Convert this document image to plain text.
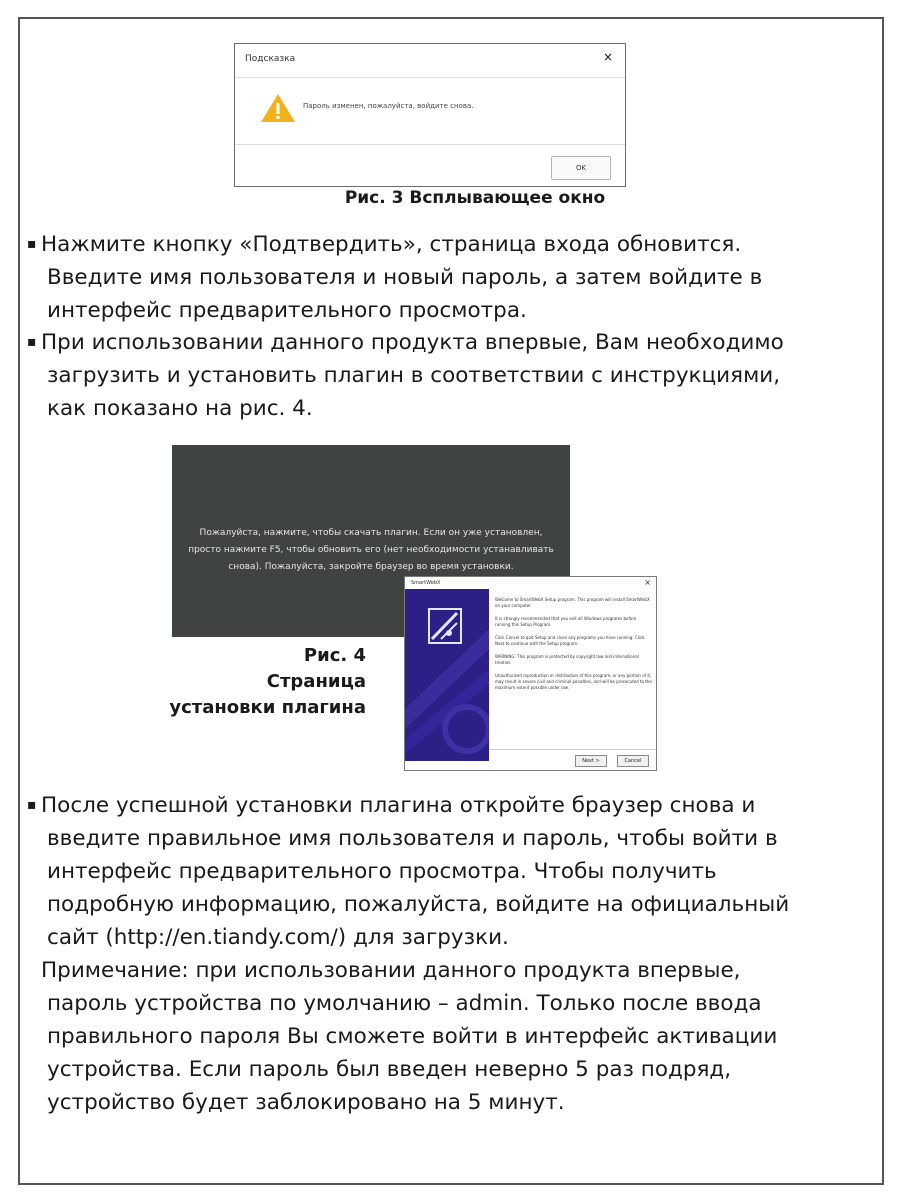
Подсказка	×
Пароль изменен, пожалуйста, войдите снова.
OK
Рис. 3 Всплывающее окно
▪ Нажмите кнопку «Подтвердить», страница входа обновится.
Введите имя пользователя и новый пароль, а затем войдите в
интерфейс предварительного просмотра.
▪ При использовании данного продукта впервые, Вам необходимо
загрузить и установить плагин в соответствии с инструкциями,
как показано на рис. 4.
Пожалуйста, нажмите, чтобы скачать плагин. Если он уже установлен,
просто нажмите F5, чтобы обновить его (нет необходимости устанавливать
снова). Пожалуйста, закройте браузер во время установки.
Рис. 4
Страница
установки плагина
SmartWebX	×

Welcome to SmartWebX Setup program. This program will install SmartWebX on your computer.

It is strongly recommended that you exit all Windows programs before running this Setup Program.

Click Cancel to quit Setup and close any programs you have running. Click Next to continue with the Setup program.

WARNING: This program is protected by copyright law and international treaties.

Unauthorized reproduction or distribution of this program, or any portion of it, may result in severe civil and criminal penalties, and will be prosecuted to the maximum extent possible under law.

Next >	Cancel
▪ После успешной установки плагина откройте браузер снова и
введите правильное имя пользователя и пароль, чтобы войти в
интерфейс предварительного просмотра. Чтобы получить
подробную информацию, пожалуйста, войдите на официальный
сайт (http://en.tiandy.com/) для загрузки.
Примечание: при использовании данного продукта впервые,
пароль устройства по умолчанию – admin. Только после ввода
правильного пароля Вы сможете войти в интерфейс активации
устройства. Если пароль был введен неверно 5 раз подряд,
устройство будет заблокировано на 5 минут.
